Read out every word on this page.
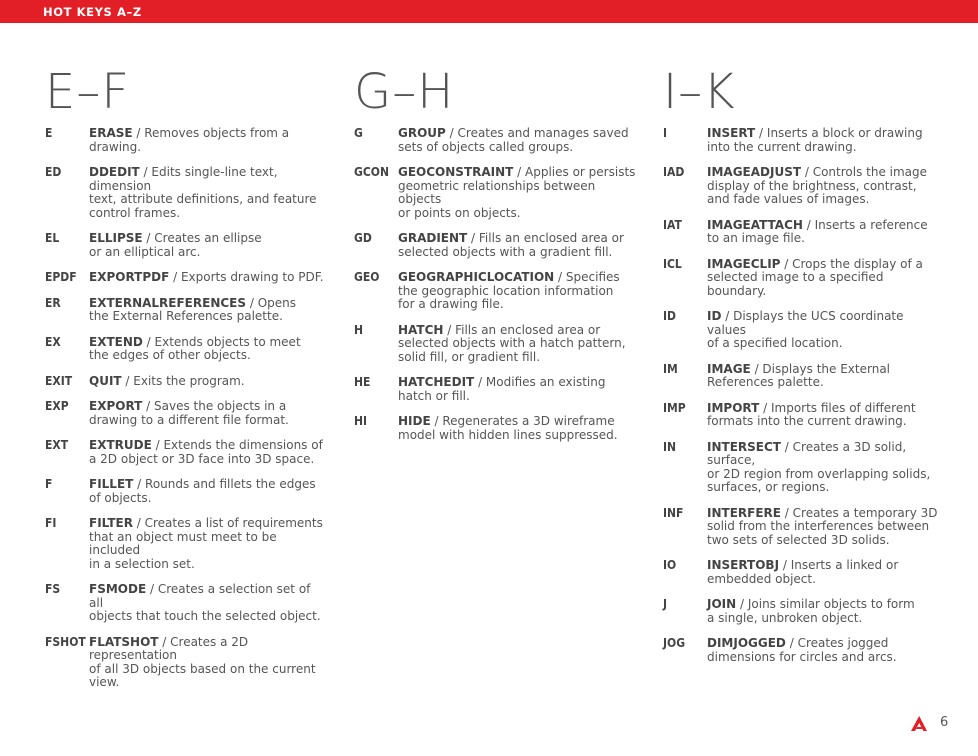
HOT KEYS A–Z
E–F
E	ERASE / Removes objects from a
drawing.
ED DDEDIT / Edits single-line text,
dimension
text, attribute definitions, and feature
control frames.
EL ELLIPSE / Creates an ellipse
or an elliptical arc.
EPDF EXPORTPDF / Exports drawing to PDF.
ER EXTERNALREFERENCES / Opens
the External References palette.
EX EXTEND / Extends objects to meet
the edges of other objects.
EXIT QUIT / Exits the program.
EXP EXPORT / Saves the objects in a
drawing to a different file format.
EXT EXTRUDE / Extends the dimensions of
a 2D object or 3D face into 3D space.
F	FILLET / Rounds and fillets the edges
of objects.
FI	FILTER / Creates a list of requirements
that an object must meet to be
included
in a selection set.
FS FSMODE / Creates a selection set of
all
objects that touch the selected object.
FSHOT FLATSHOT / Creates a 2D
representation
of all 3D objects based on the current
view.
G–H
G	GROUP / Creates and manages saved
sets of objects called groups.
GCON GEOCONSTRAINT / Applies or persists
geometric relationships between
objects
or points on objects.
GD GRADIENT / Fills an enclosed area or
selected objects with a gradient fill.
GEO GEOGRAPHICLOCATION / Specifies
the geographic location information
for a drawing file.
H	HATCH / Fills an enclosed area or
selected objects with a hatch pattern,
solid fill, or gradient fill.
HE HATCHEDIT / Modifies an existing
hatch or fill.
HI	HIDE / Regenerates a 3D wireframe
model with hidden lines suppressed.
I–K
I	INSERT / Inserts a block or drawing
into the current drawing.
IAD IMAGEADJUST / Controls the image
display of the brightness, contrast,
and fade values of images.
IAT IMAGEATTACH / Inserts a reference
to an image file.
ICL IMAGECLIP / Crops the display of a
selected image to a specified
boundary.
ID	ID / Displays the UCS coordinate
values
of a specified location.
IM IMAGE / Displays the External
References palette.
IMP IMPORT / Imports files of different
formats into the current drawing.
IN	INTERSECT / Creates a 3D solid,
surface,
or 2D region from overlapping solids,
surfaces, or regions.
INF INTERFERE / Creates a temporary 3D
solid from the interferences between
two sets of selected 3D solids.
IO	INSERTOBJ / Inserts a linked or
embedded object.
J	JOIN / Joins similar objects to form
a single, unbroken object.
JOG DIMJOGGED / Creates jogged
dimensions for circles and arcs.
6
